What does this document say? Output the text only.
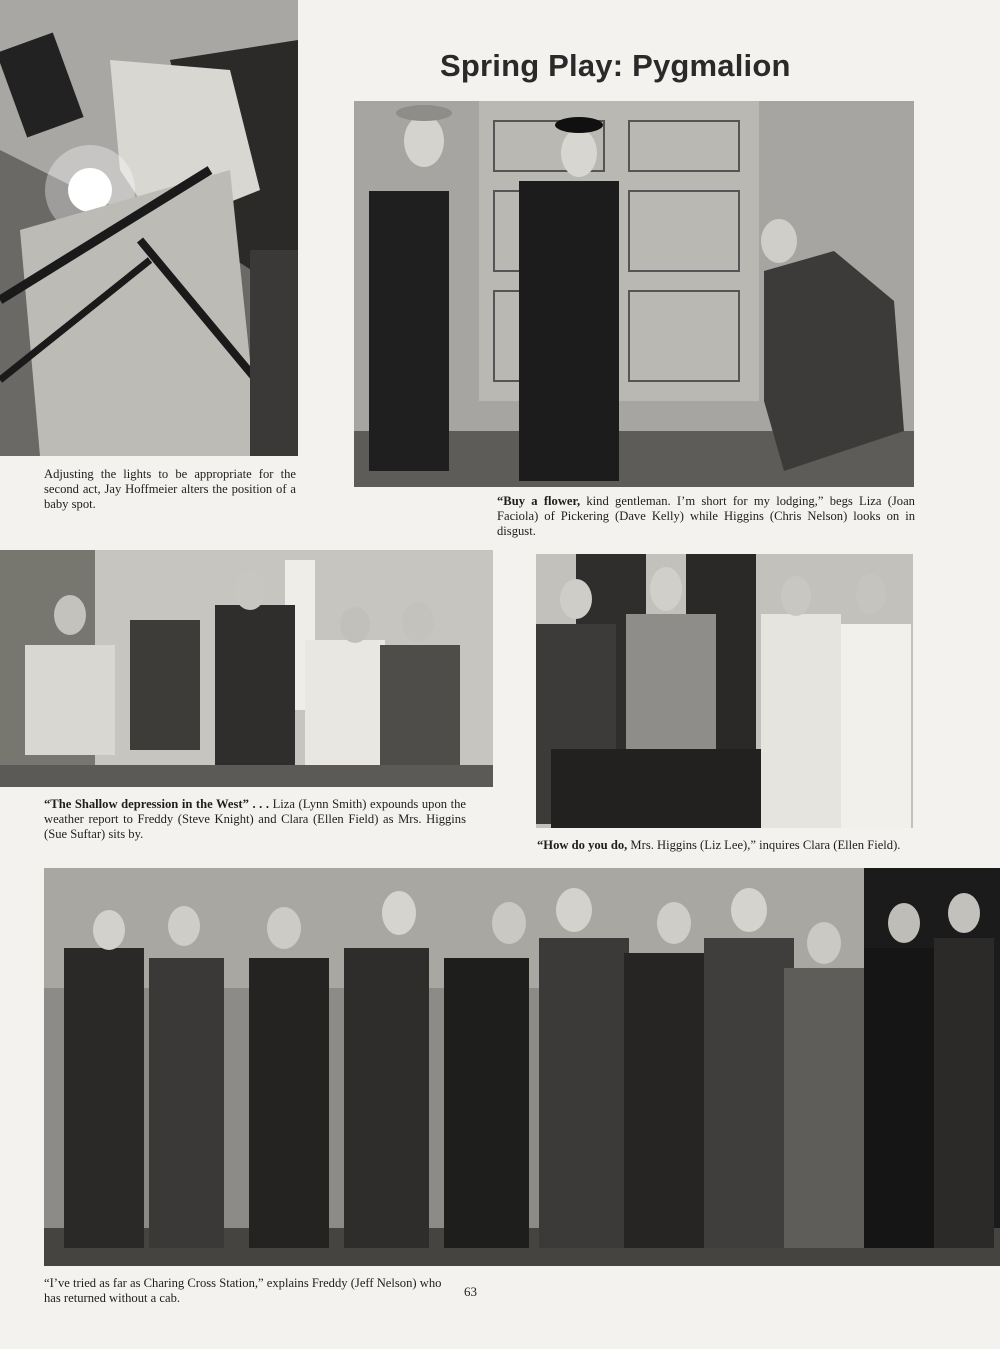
Spring Play: Pygmalion

Adjusting the lights to be appropriate for the second act, Jay Hoffmeier alters the position of a baby spot.	“Buy a flower, kind gentleman. I’m short for my lodging,” begs Liza (Joan Faciola) of Pickering (Dave Kelly) while Higgins (Chris Nelson) looks on in disgust.

“The Shallow depression in the West” . . . Liza (Lynn Smith) expounds upon the weather report to Freddy (Steve Knight) and Clara (Ellen Field) as Mrs. Higgins (Sue Suftar) sits by.

“How do you do, Mrs. Higgins (Liz Lee),” inquires Clara (Ellen Field).

“I’ve tried as far as Charing Cross Station,” explains Freddy (Jeff Nelson) who has returned without a cab.	63
